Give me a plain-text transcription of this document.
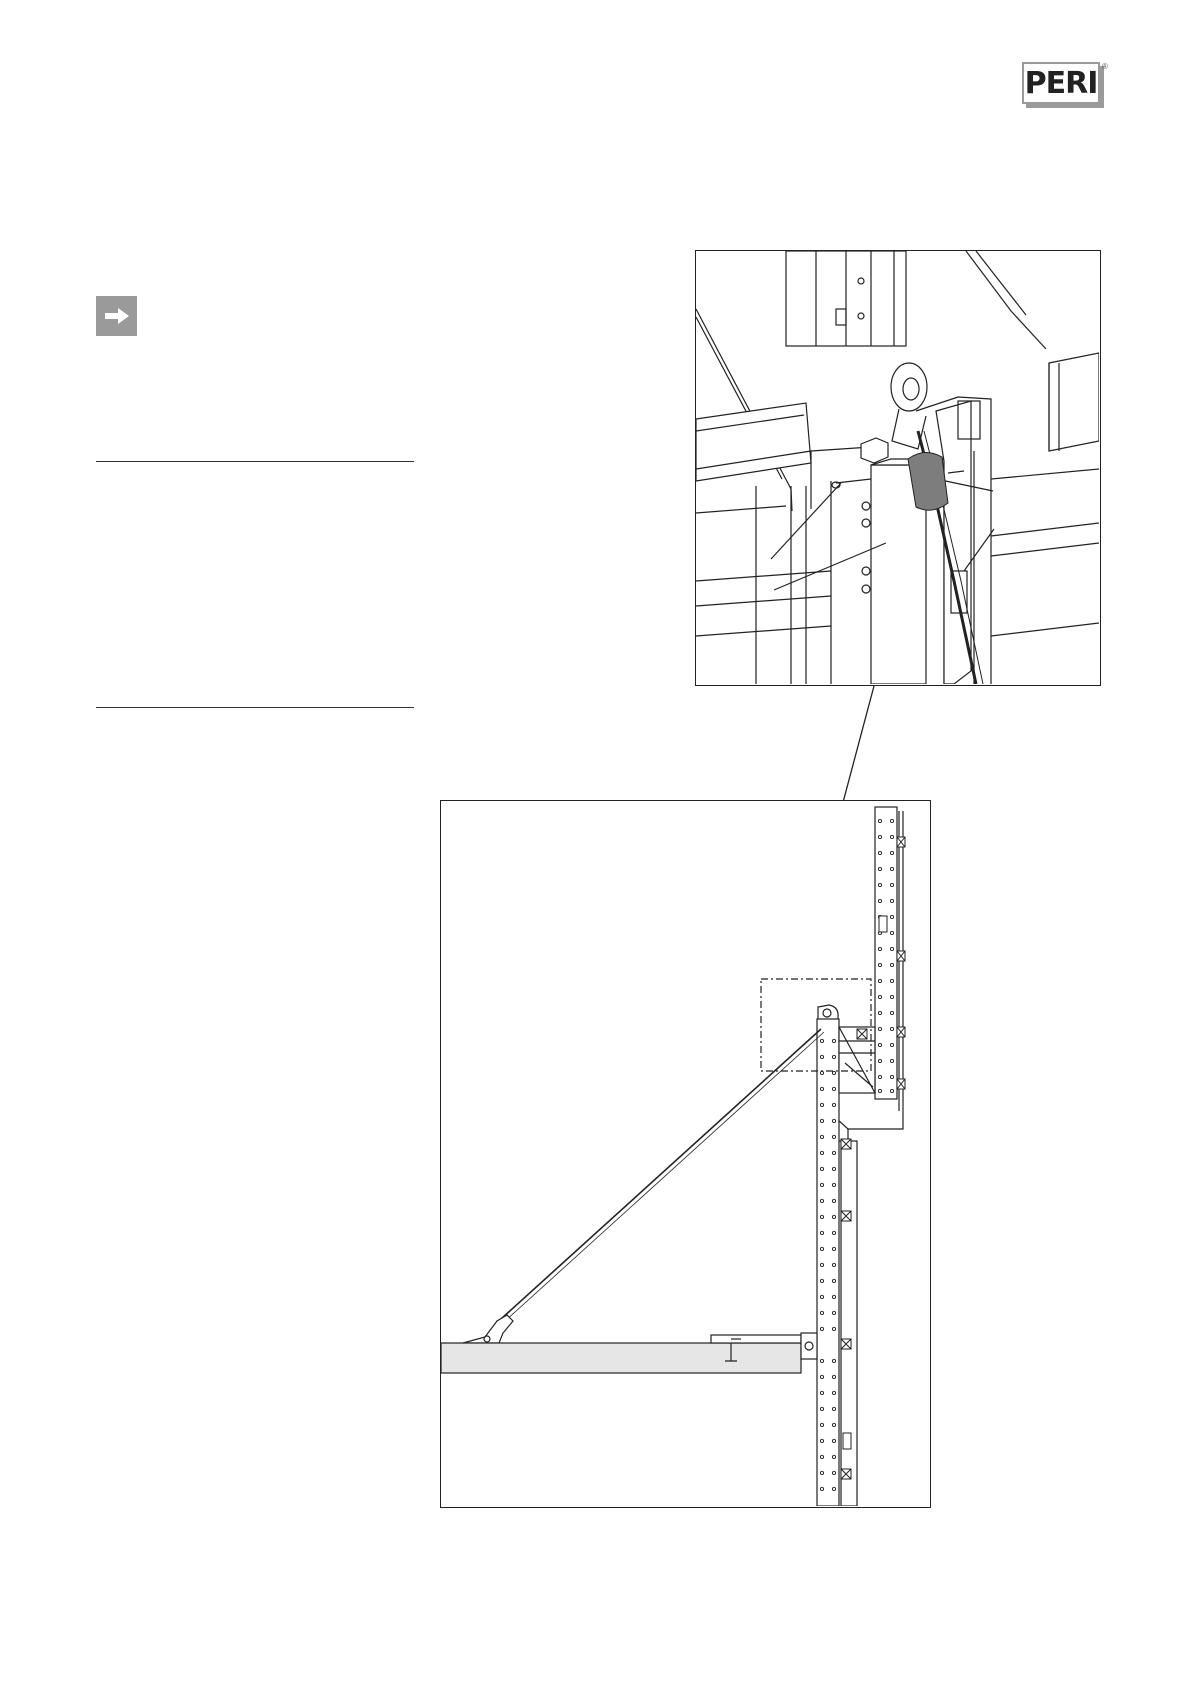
PERI ®
